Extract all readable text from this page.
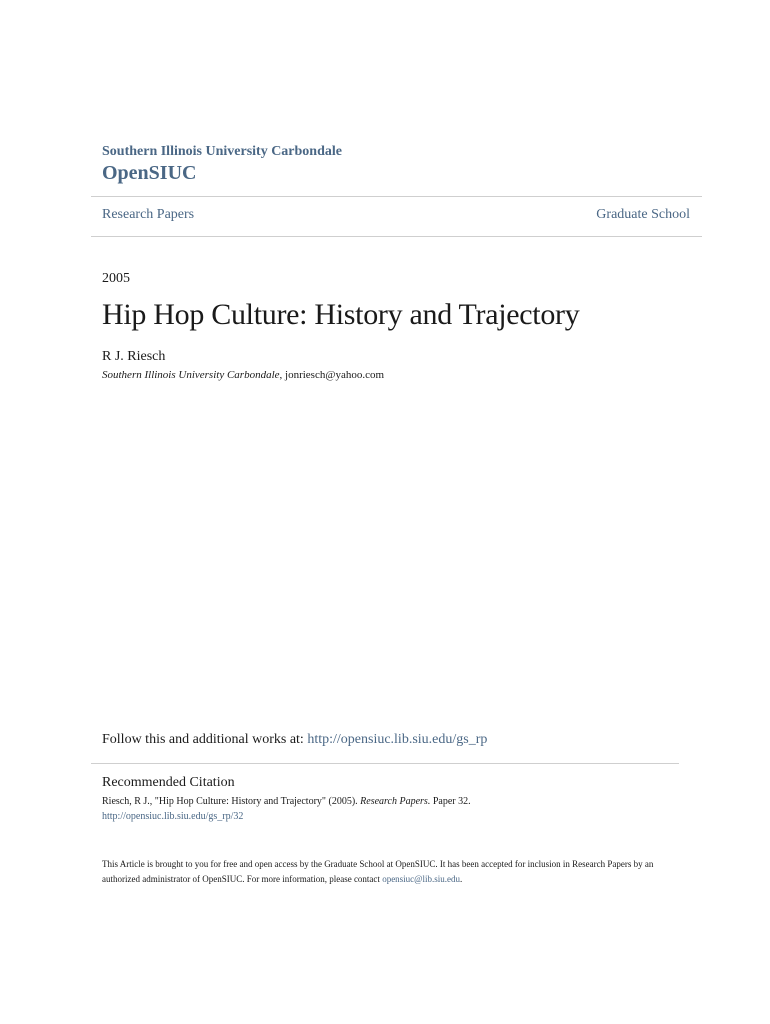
Southern Illinois University Carbondale
OpenSIUC
Research Papers	Graduate School
2005
Hip Hop Culture: History and Trajectory
R J. Riesch
Southern Illinois University Carbondale, jonriesch@yahoo.com
Follow this and additional works at: http://opensiuc.lib.siu.edu/gs_rp
Recommended Citation
Riesch, R J., "Hip Hop Culture: History and Trajectory" (2005). Research Papers. Paper 32.
http://opensiuc.lib.siu.edu/gs_rp/32
This Article is brought to you for free and open access by the Graduate School at OpenSIUC. It has been accepted for inclusion in Research Papers by an authorized administrator of OpenSIUC. For more information, please contact opensiuc@lib.siu.edu.
